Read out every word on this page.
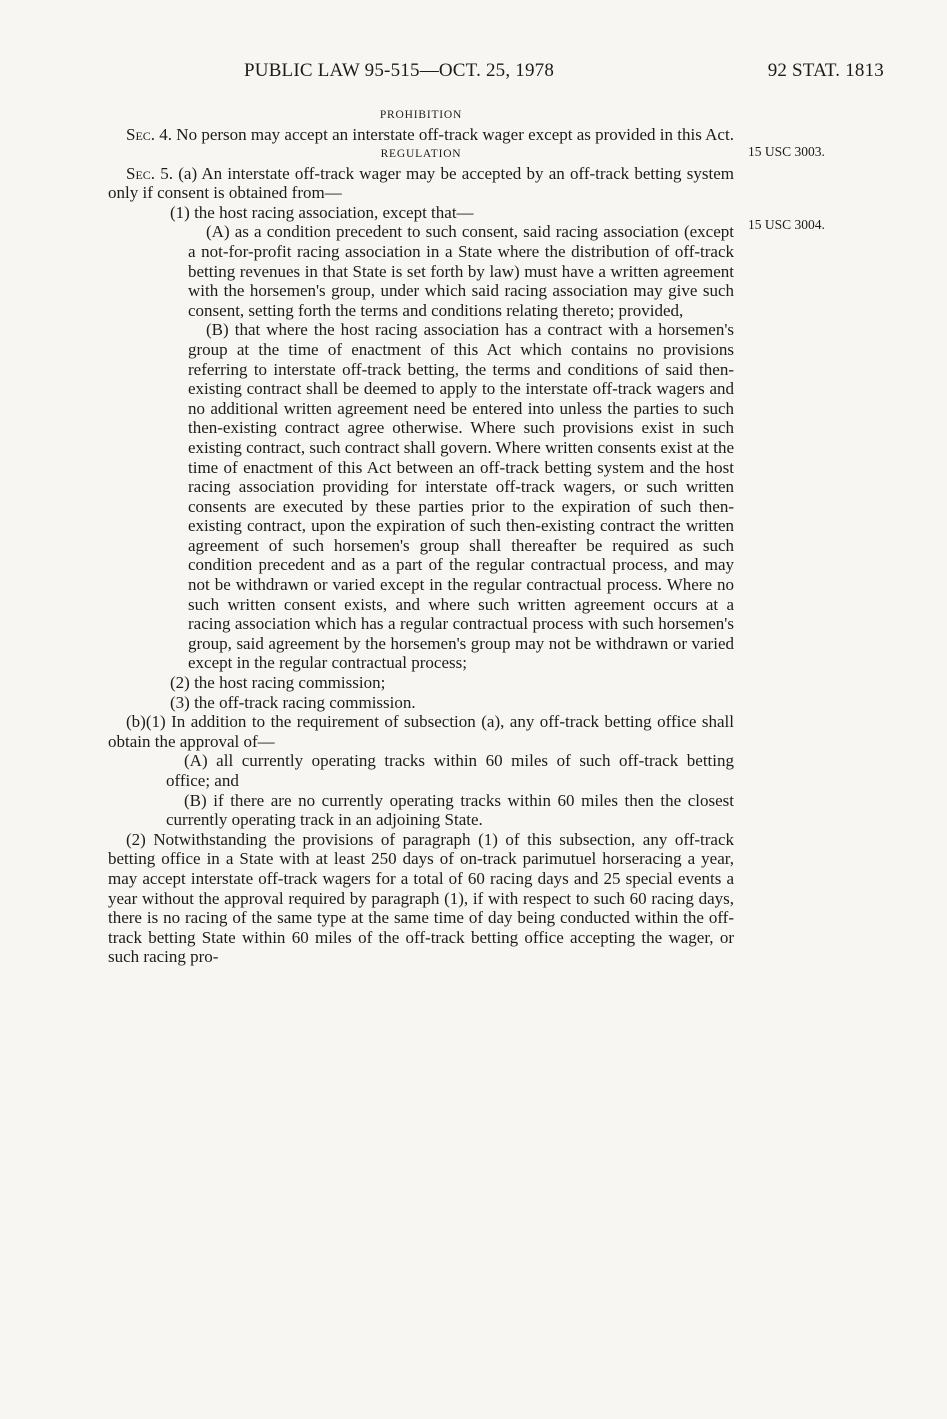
PUBLIC LAW 95-515—OCT. 25, 1978	92 STAT. 1813
15 USC 3003.
15 USC 3004.

PROHIBITION

Sec. 4. No person may accept an interstate off-track wager except as provided in this Act.

REGULATION

Sec. 5. (a) An interstate off-track wager may be accepted by an off-track betting system only if consent is obtained from—

(1) the host racing association, except that—

(A) as a condition precedent to such consent, said racing association (except a not-for-profit racing association in a State where the distribution of off-track betting revenues in that State is set forth by law) must have a written agreement with the horsemen's group, under which said racing association may give such consent, setting forth the terms and conditions relating thereto; provided,

(B) that where the host racing association has a contract with a horsemen's group at the time of enactment of this Act which contains no provisions referring to interstate off-track betting, the terms and conditions of said then-existing contract shall be deemed to apply to the interstate off-track wagers and no additional written agreement need be entered into unless the parties to such then-existing contract agree otherwise. Where such provisions exist in such existing contract, such contract shall govern. Where written consents exist at the time of enactment of this Act between an off-track betting system and the host racing association providing for interstate off-track wagers, or such written consents are executed by these parties prior to the expiration of such then-existing contract, upon the expiration of such then-existing contract the written agreement of such horsemen's group shall thereafter be required as such condition precedent and as a part of the regular contractual process, and may not be withdrawn or varied except in the regular contractual process. Where no such written consent exists, and where such written agreement occurs at a racing association which has a regular contractual process with such horsemen's group, said agreement by the horsemen's group may not be withdrawn or varied except in the regular contractual process;

(2) the host racing commission;

(3) the off-track racing commission.

(b)(1) In addition to the requirement of subsection (a), any off-track betting office shall obtain the approval of—

(A) all currently operating tracks within 60 miles of such off-track betting office; and

(B) if there are no currently operating tracks within 60 miles then the closest currently operating track in an adjoining State.

(2) Notwithstanding the provisions of paragraph (1) of this subsection, any off-track betting office in a State with at least 250 days of on-track parimutuel horseracing a year, may accept interstate off-track wagers for a total of 60 racing days and 25 special events a year without the approval required by paragraph (1), if with respect to such 60 racing days, there is no racing of the same type at the same time of day being conducted within the off-track betting State within 60 miles of the off-track betting office accepting the wager, or such racing pro-
